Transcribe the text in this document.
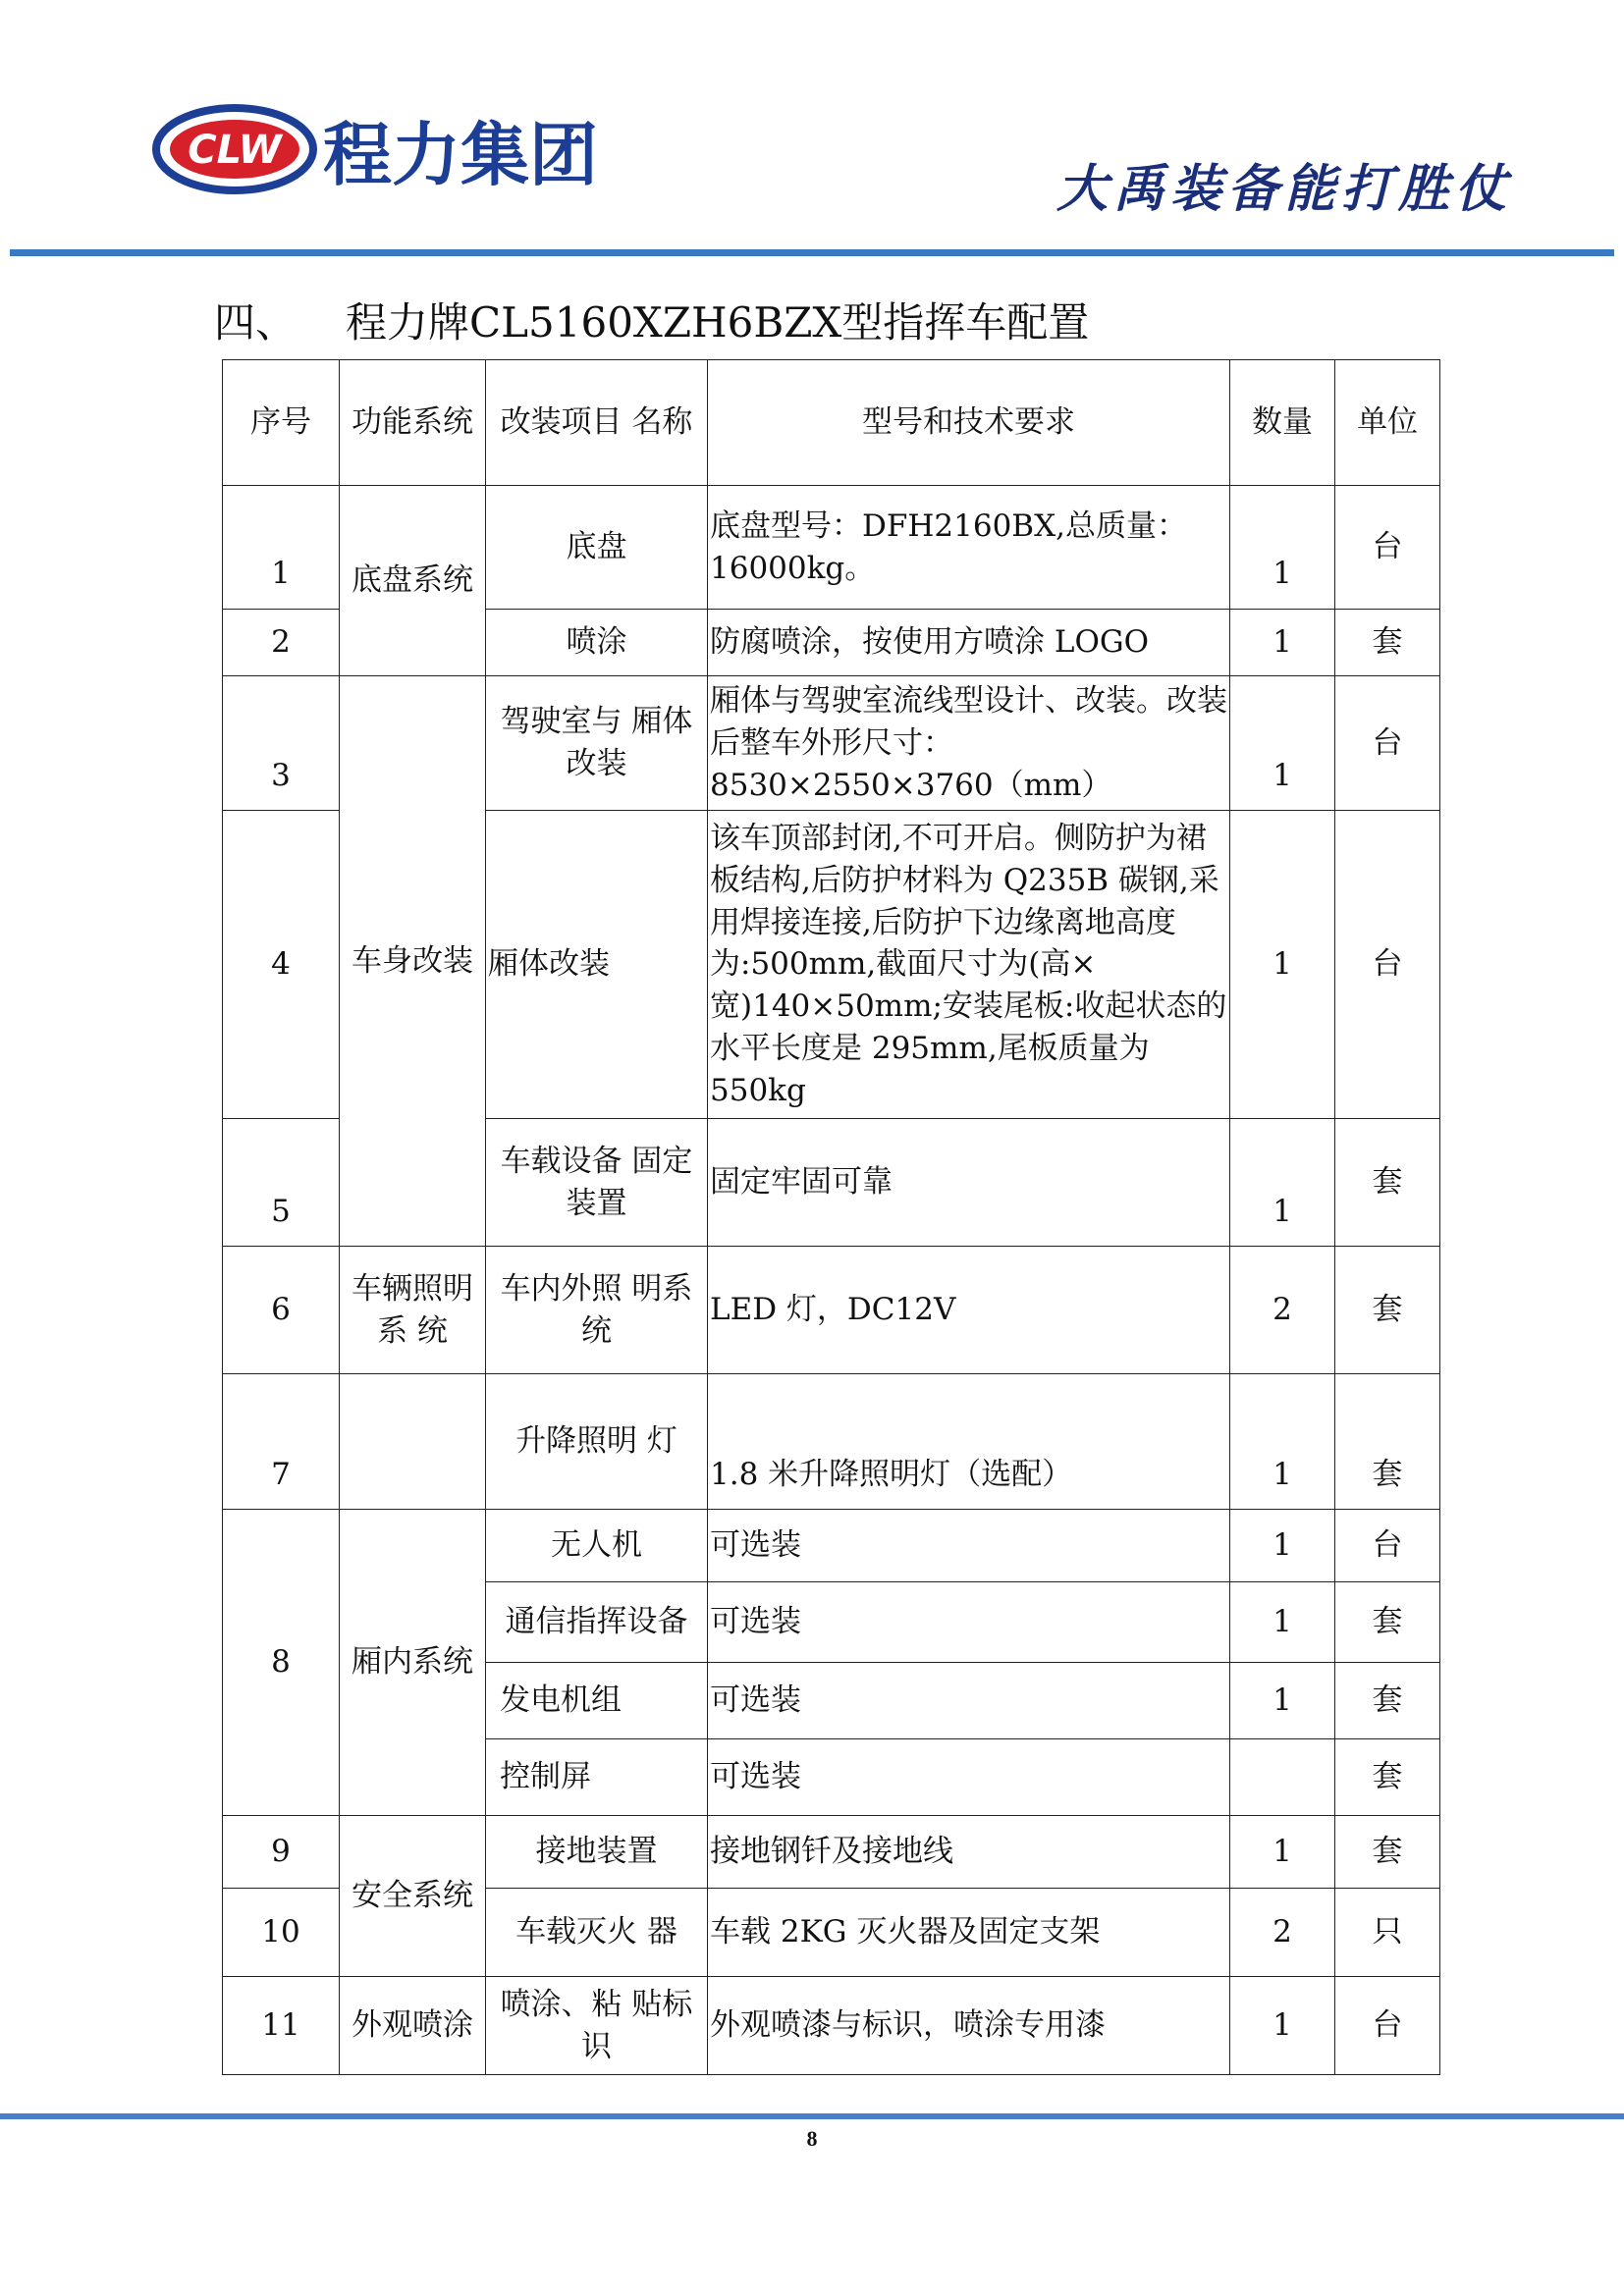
CLW 程力集团	大禹装备能打胜仗
四、 程力牌CL5160XZH6BZX型指挥车配置
序号	功能系统	改装项目 名称	型号和技术要求	数量	单位
1	底盘系统	底盘	底盘型号：DFH2160BX,总质量：16000kg。	1	台
2		喷涂	防腐喷涂，按使用方喷涂 LOGO	1	套
3	车身改装	驾驶室与 厢体改装	厢体与驾驶室流线型设计、改装。改装后整车外形尺寸：8530×2550×3760（mm）	1	台
4		厢体改装	该车顶部封闭,不可开启。侧防护为裙板结构,后防护材料为 Q235B 碳钢,采用焊接连接,后防护下边缘离地高度为:500mm,截面尺寸为(高×宽)140×50mm;安装尾板:收起状态的水平长度是 295mm,尾板质量为 550kg	1	台
5		车载设备 固定装置	固定牢固可靠	1	套
6	车辆照明系 统	车内外照 明系统	LED 灯，DC12V	2	套
7		升降照明 灯	1.8 米升降照明灯（选配）	1	套
8	厢内系统	无人机	可选装	1	台
		通信指挥设备	可选装	1	套
		发电机组	可选装	1	套
		控制屏	可选装		套
9	安全系统	接地装置	接地钢钎及接地线	1	套
10		车载灭火 器	车载 2KG 灭火器及固定支架	2	只
11	外观喷涂	喷涂、粘 贴标识	外观喷漆与标识，喷涂专用漆	1	台
8
